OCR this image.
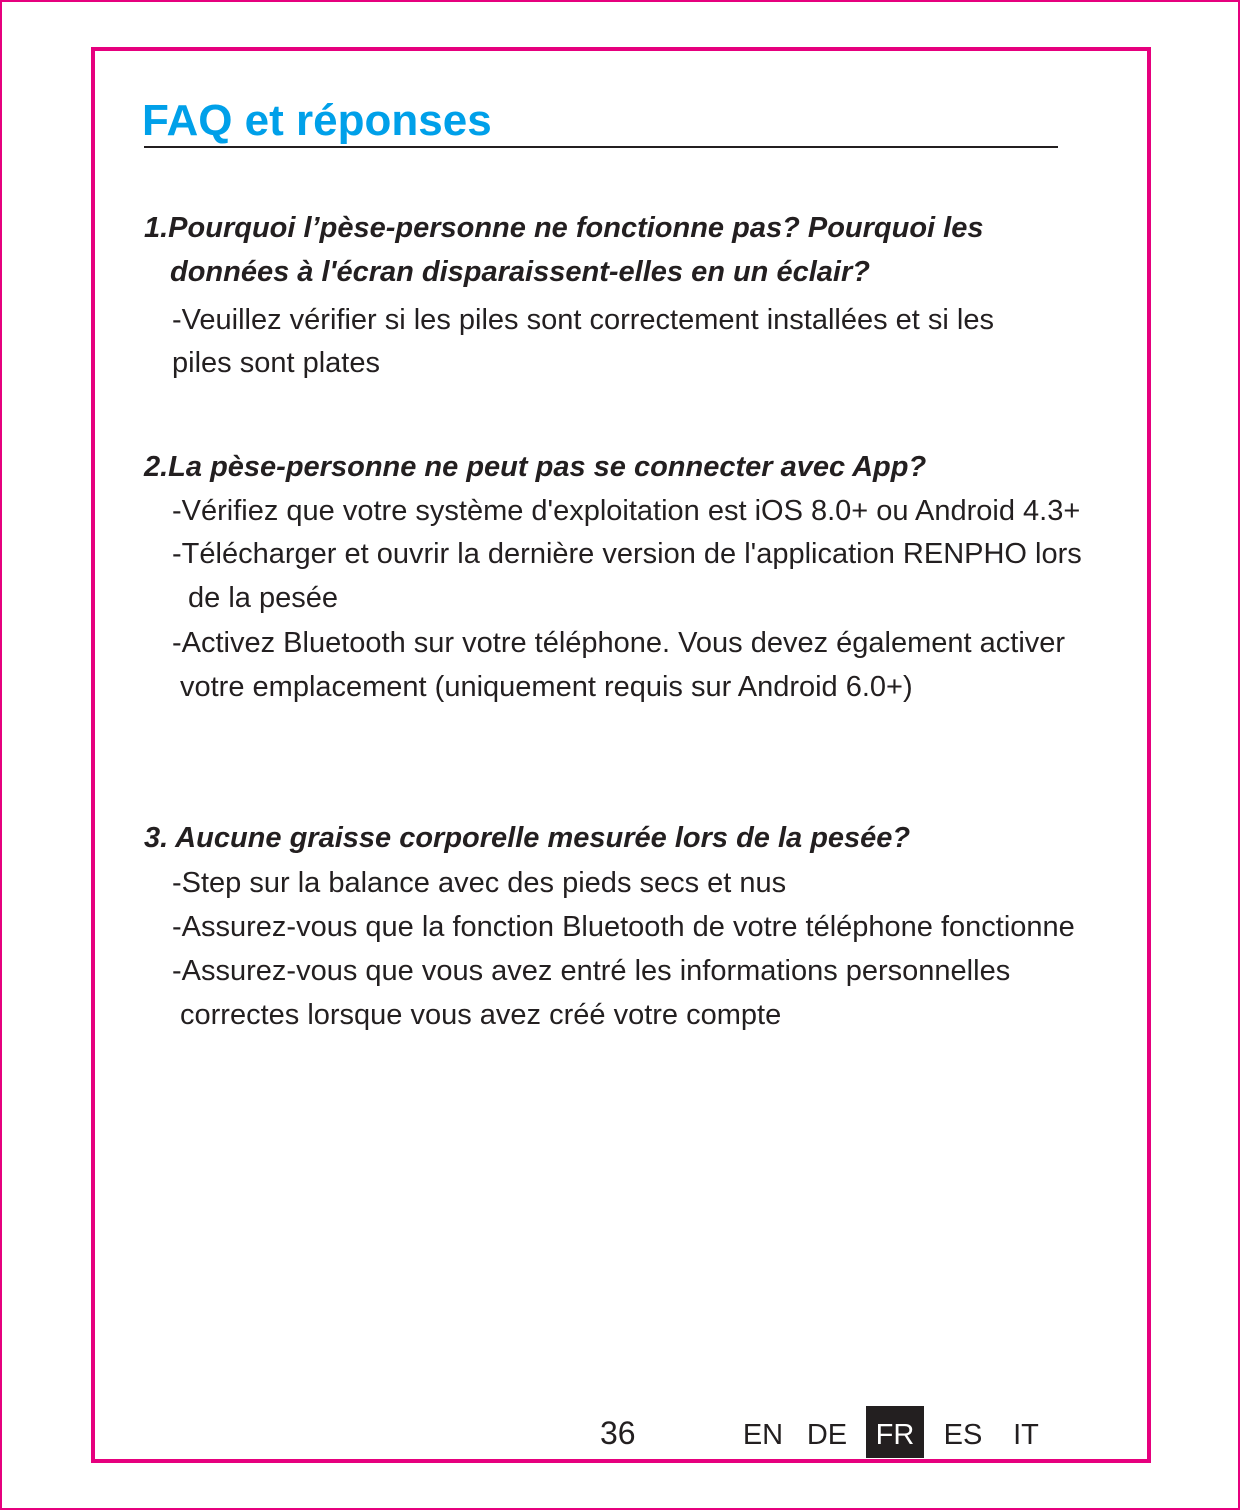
FAQ et réponses

1.Pourquoi l’pèse-personne ne fonctionne pas? Pourquoi les

données à l'écran disparaissent-elles en un éclair?

-Veuillez vérifier si les piles sont correctement installées et si les

piles sont plates

2.La pèse-personne ne peut pas se connecter avec App?

-Vérifiez que votre système d'exploitation est iOS 8.0+ ou Android 4.3+

-Télécharger et ouvrir la dernière version de l'application RENPHO lors

de la pesée

-Activez Bluetooth sur votre téléphone. Vous devez également activer

votre emplacement (uniquement requis sur Android 6.0+)

3. Aucune graisse corporelle mesurée lors de la pesée?

-Step sur la balance avec des pieds secs et nus

-Assurez-vous que la fonction Bluetooth de votre téléphone fonctionne

-Assurez-vous que vous avez entré les informations personnelles

correctes lorsque vous avez créé votre compte

36	EN DE FR	ES	IT
